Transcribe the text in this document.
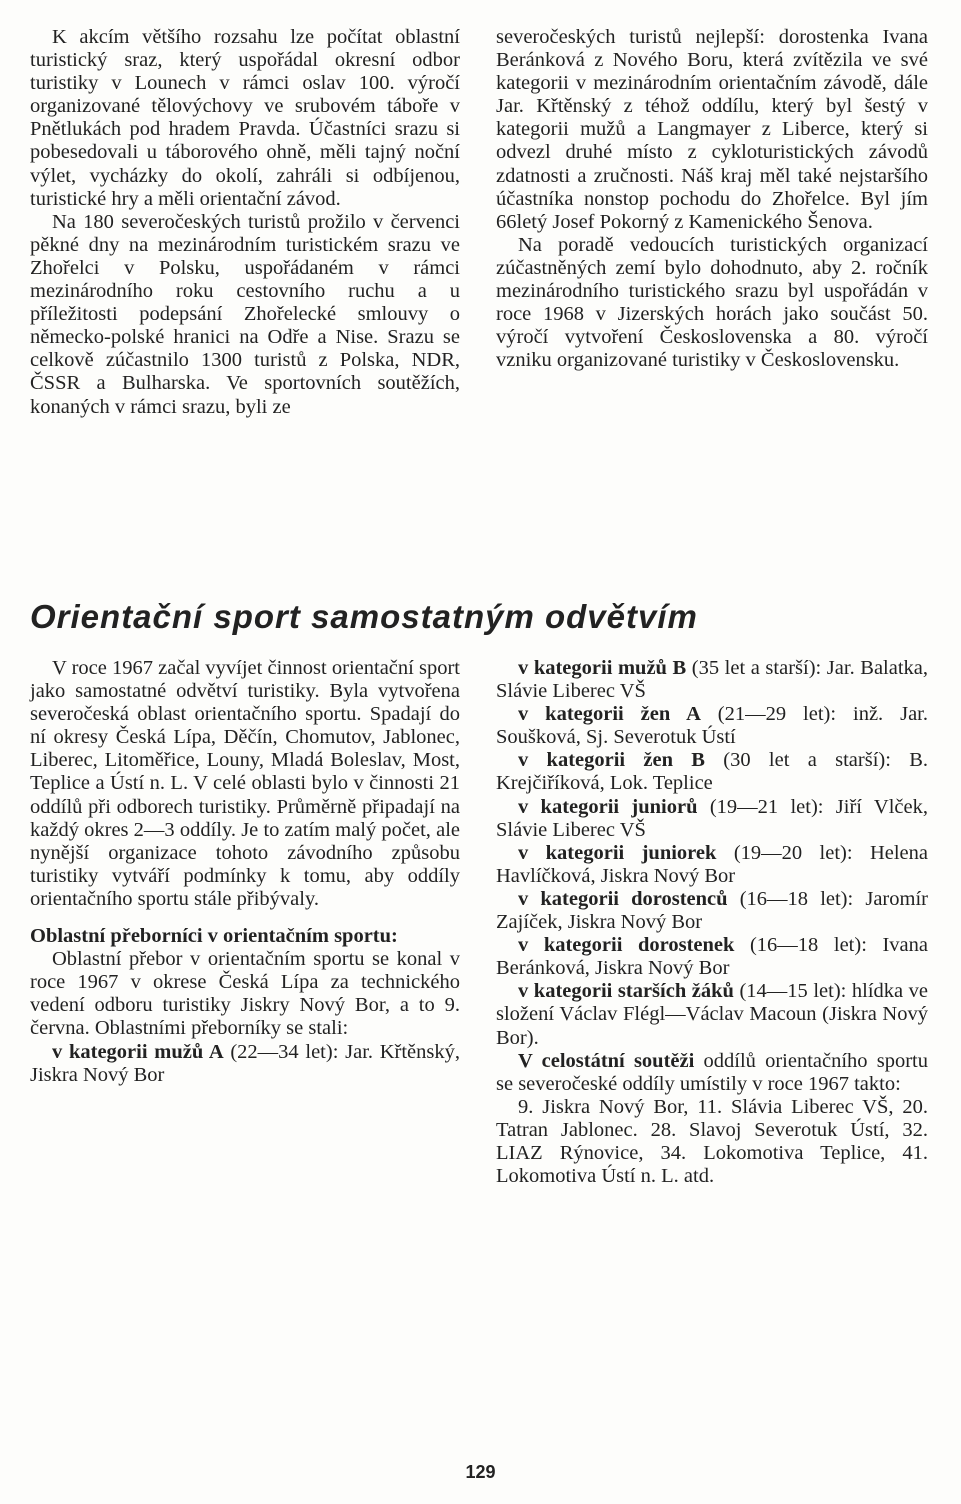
K akcím většího rozsahu lze počítat oblastní turistický sraz, který uspořádal okresní odbor turistiky v Lounech v rámci oslav 100. výročí organizované tělovýchovy ve srubovém táboře v Pnětlukách pod hradem Pravda. Účastníci srazu si pobesedovali u táborového ohně, měli tajný noční výlet, vycházky do okolí, zahráli si odbíjenou, turistické hry a měli orientační závod.

Na 180 severočeských turistů prožilo v červenci pěkné dny na mezinárodním turistickém srazu ve Zhořelci v Polsku, uspořádaném v rámci mezinárodního roku cestovního ruchu a u příležitosti podepsání Zhořelecké smlouvy o německo-polské hranici na Odře a Nise. Srazu se celkově zúčastnilo 1300 turistů z Polska, NDR, ČSSR a Bulharska. Ve sportovních soutěžích, konaných v rámci srazu, byli ze

severočeských turistů nejlepší: dorostenka Ivana Beránková z Nového Boru, která zvítězila ve své kategorii v mezinárodním orientačním závodě, dále Jar. Křtěnský z téhož oddílu, který byl šestý v kategorii mužů a Langmayer z Liberce, který si odvezl druhé místo z cykloturistických závodů zdatnosti a zručnosti. Náš kraj měl také nejstaršího účastníka nonstop pochodu do Zhořelce. Byl jím 66letý Josef Pokorný z Kamenického Šenova.

Na poradě vedoucích turistických organizací zúčastněných zemí bylo dohodnuto, aby 2. ročník mezinárodního turistického srazu byl uspořádán v roce 1968 v Jizerských horách jako součást 50. výročí vytvoření Československa a 80. výročí vzniku organizované turistiky v Československu.

Orientační sport samostatným odvětvím

V roce 1967 začal vyvíjet činnost orientační sport jako samostatné odvětví turistiky. Byla vytvořena severočeská oblast orientačního sportu. Spadají do ní okresy Česká Lípa, Děčín, Chomutov, Jablonec, Liberec, Litoměřice, Louny, Mladá Boleslav, Most, Teplice a Ústí n. L. V celé oblasti bylo v činnosti 21 oddílů při odborech turistiky. Průměrně připadají na každý okres 2—3 oddíly. Je to zatím malý počet, ale nynější organizace tohoto závodního způsobu turistiky vytváří podmínky k tomu, aby oddíly orientačního sportu stále přibývaly.

Oblastní přeborníci v orientačním sportu:

Oblastní přebor v orientačním sportu se konal v roce 1967 v okrese Česká Lípa za technického vedení odboru turistiky Jiskry Nový Bor, a to 9. června. Oblastními přeborníky se stali:

v kategorii mužů A (22—34 let): Jar. Křtěnský, Jiskra Nový Bor

v kategorii mužů B (35 let a starší): Jar. Balatka, Slávie Liberec VŠ

v kategorii žen A (21—29 let): inž. Jar. Soušková, Sj. Severotuk Ústí

v kategorii žen B (30 let a starší): B. Krejčiříková, Lok. Teplice

v kategorii juniorů (19—21 let): Jiří Vlček, Slávie Liberec VŠ

v kategorii juniorek (19—20 let): Helena Havlíčková, Jiskra Nový Bor

v kategorii dorostenců (16—18 let): Jaromír Zajíček, Jiskra Nový Bor

v kategorii dorostenek (16—18 let): Ivana Beránková, Jiskra Nový Bor

v kategorii starších žáků (14—15 let): hlídka ve složení Václav Flégl—Václav Macoun (Jiskra Nový Bor).

V celostátní soutěži oddílů orientačního sportu se severočeské oddíly umístily v roce 1967 takto:

9. Jiskra Nový Bor, 11. Slávia Liberec VŠ, 20. Tatran Jablonec. 28. Slavoj Severotuk Ústí, 32. LIAZ Rýnovice, 34. Lokomotiva Teplice, 41. Lokomotiva Ústí n. L. atd.

129
